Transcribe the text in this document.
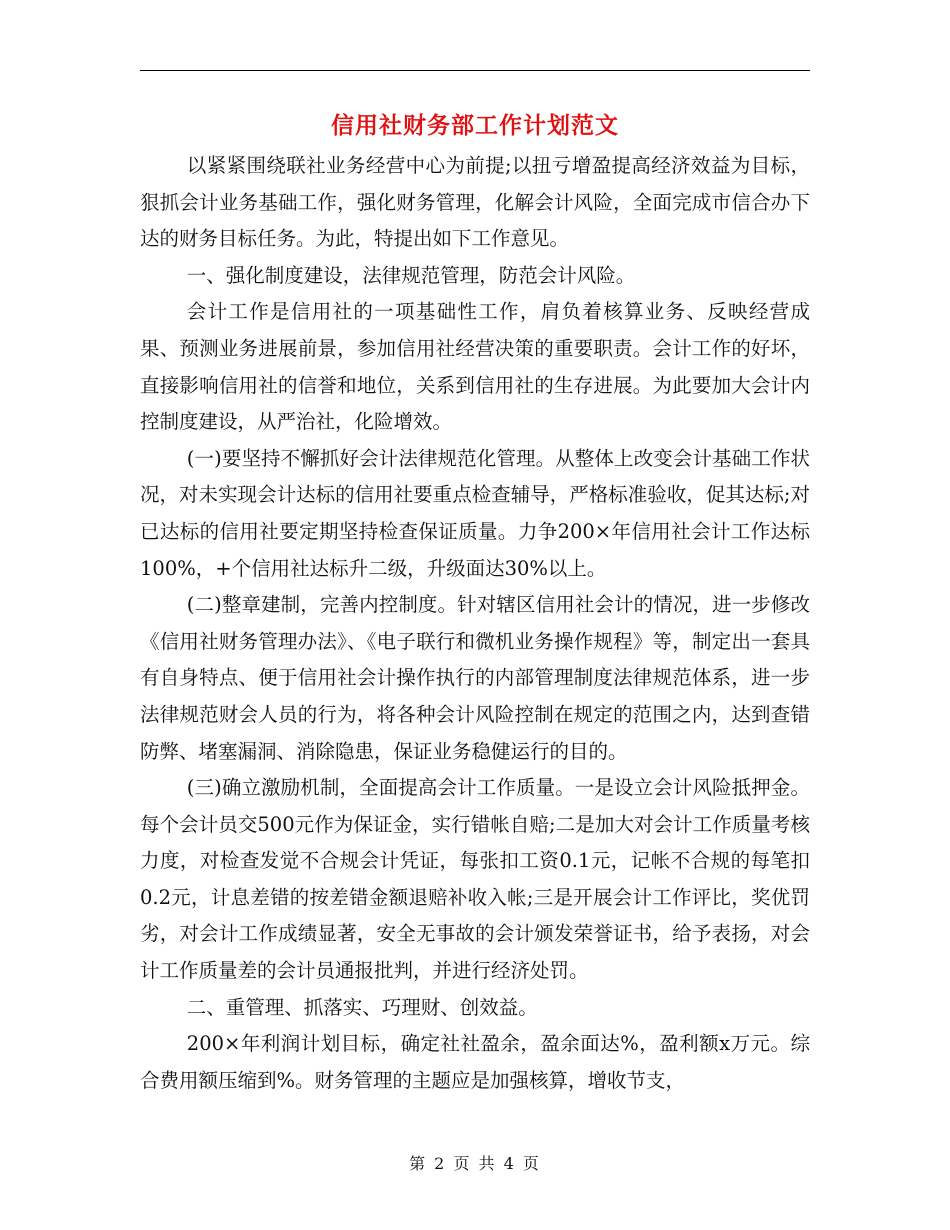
信用社财务部工作计划范文

以紧紧围绕联社业务经营中心为前提;以扭亏增盈提高经济效益为目标，狠抓会计业务基础工作，强化财务管理，化解会计风险，全面完成市信合办下达的财务目标任务。为此，特提出如下工作意见。

一、强化制度建设，法律规范管理，防范会计风险。

会计工作是信用社的一项基础性工作，肩负着核算业务、反映经营成果、预测业务进展前景，参加信用社经营决策的重要职责。会计工作的好坏，直接影响信用社的信誉和地位，关系到信用社的生存进展。为此要加大会计内控制度建设，从严治社，化险增效。

(一)要坚持不懈抓好会计法律规范化管理。从整体上改变会计基础工作状况，对未实现会计达标的信用社要重点检查辅导，严格标准验收，促其达标;对已达标的信用社要定期坚持检查保证质量。力争200×年信用社会计工作达标100%，+个信用社达标升二级，升级面达30%以上。

(二)整章建制，完善内控制度。针对辖区信用社会计的情况，进一步修改《信用社财务管理办法》、《电子联行和微机业务操作规程》等，制定出一套具有自身特点、便于信用社会计操作执行的内部管理制度法律规范体系，进一步法律规范财会人员的行为，将各种会计风险控制在规定的范围之内，达到查错防弊、堵塞漏洞、消除隐患，保证业务稳健运行的目的。

(三)确立激励机制，全面提高会计工作质量。一是设立会计风险抵押金。每个会计员交500元作为保证金，实行错帐自赔;二是加大对会计工作质量考核力度，对检查发觉不合规会计凭证，每张扣工资0.1元，记帐不合规的每笔扣0.2元，计息差错的按差错金额退赔补收入帐;三是开展会计工作评比，奖优罚劣，对会计工作成绩显著，安全无事故的会计颁发荣誉证书，给予表扬，对会计工作质量差的会计员通报批判，并进行经济处罚。

二、重管理、抓落实、巧理财、创效益。

200×年利润计划目标，确定社社盈余，盈余面达%，盈利额x万元。综合费用额压缩到%。财务管理的主题应是加强核算，增收节支，

第 2 页 共 4 页
